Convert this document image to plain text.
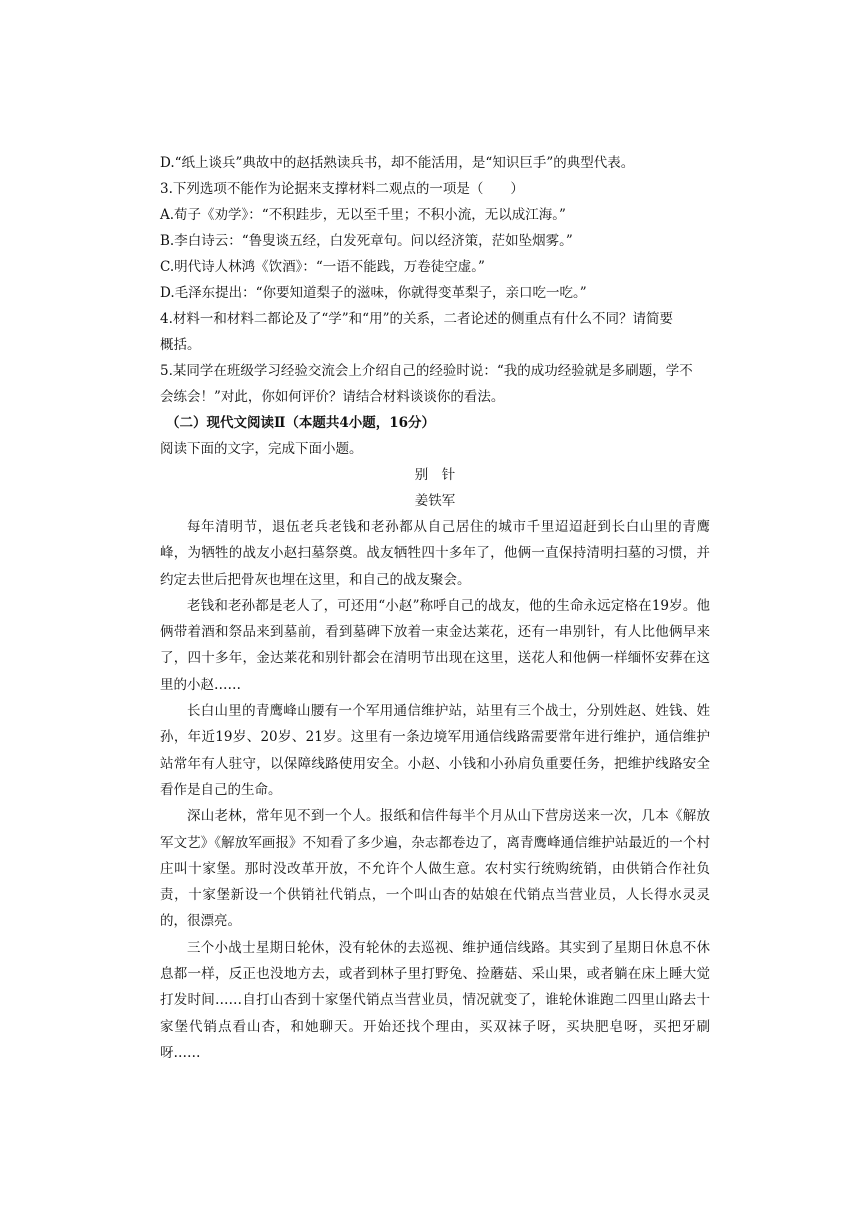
D.“纸上谈兵”典故中的赵括熟读兵书，却不能活用，是“知识巨手”的典型代表。
3.下列选项不能作为论据来支撑材料二观点的一项是（　　）
A.荀子《劝学》：“不积跬步，无以至千里；不积小流，无以成江海。”
B.李白诗云：“鲁叟谈五经，白发死章句。问以经济策，茫如坠烟雾。”
C.明代诗人林鸿《饮酒》：“一语不能践，万卷徒空虚。”
D.毛泽东提出：“你要知道梨子的滋味，你就得变革梨子，亲口吃一吃。”
4.材料一和材料二都论及了“学”和“用”的关系，二者论述的侧重点有什么不同？请简要
概括。
5.某同学在班级学习经验交流会上介绍自己的经验时说：“我的成功经验就是多刷题，学不
会练会！”对此，你如何评价？请结合材料谈谈你的看法。
（二）现代文阅读Ⅱ（本题共4小题，16分）
阅读下面的文字，完成下面小题。
别　针
姜铁军

每年清明节，退伍老兵老钱和老孙都从自己居住的城市千里迢迢赶到长白山里的青鹰峰，为牺牲的战友小赵扫墓祭奠。战友牺牲四十多年了，他俩一直保持清明扫墓的习惯，并约定去世后把骨灰也埋在这里，和自己的战友聚会。

老钱和老孙都是老人了，可还用“小赵”称呼自己的战友，他的生命永远定格在19岁。他俩带着酒和祭品来到墓前，看到墓碑下放着一束金达莱花，还有一串别针，有人比他俩早来了，四十多年，金达莱花和别针都会在清明节出现在这里，送花人和他俩一样缅怀安葬在这里的小赵……

长白山里的青鹰峰山腰有一个军用通信维护站，站里有三个战士，分别姓赵、姓钱、姓孙，年近19岁、20岁、21岁。这里有一条边境军用通信线路需要常年进行维护，通信维护站常年有人驻守，以保障线路使用安全。小赵、小钱和小孙肩负重要任务，把维护线路安全看作是自己的生命。

深山老林，常年见不到一个人。报纸和信件每半个月从山下营房送来一次，几本《解放军文艺》《解放军画报》不知看了多少遍，杂志都卷边了，离青鹰峰通信维护站最近的一个村庄叫十家堡。那时没改革开放，不允许个人做生意。农村实行统购统销，由供销合作社负责，十家堡新设一个供销社代销点，一个叫山杏的姑娘在代销点当营业员，人长得水灵灵的，很漂亮。

三个小战士星期日轮休，没有轮休的去巡视、维护通信线路。其实到了星期日休息不休息都一样，反正也没地方去，或者到林子里打野兔、捡蘑菇、采山果，或者躺在床上睡大觉打发时间……自打山杏到十家堡代销点当营业员，情况就变了，谁轮休谁跑二四里山路去十家堡代销点看山杏，和她聊天。开始还找个理由，买双袜子呀，买块肥皂呀，买把牙刷呀……
